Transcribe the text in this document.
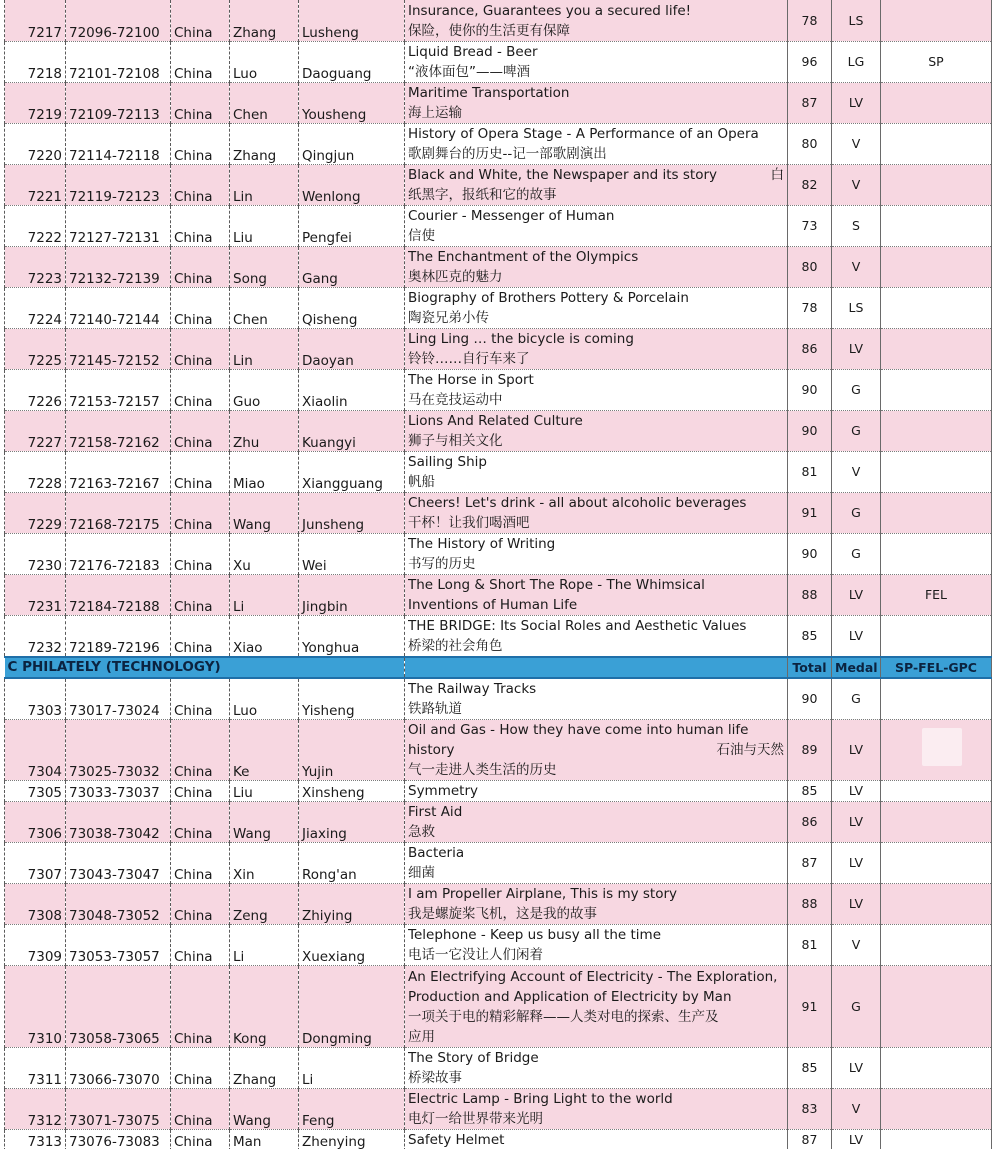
7217	72096-72100	China	Zhang	Lusheng	Insurance, Guarantees you a secured life!
保险，使你的生活更有保障	78	LS	
7218	72101-72108	China	Luo	Daoguang	Liquid Bread - Beer
“液体面包”——啤酒	96	LG	SP
7219	72109-72113	China	Chen	Yousheng	Maritime Transportation
海上运输	87	LV	
7220	72114-72118	China	Zhang	Qingjun	History of Opera Stage - A Performance of an Opera
歌剧舞台的历史--记一部歌剧演出	80	V	
7221	72119-72123	China	Lin	Wenlong	Black and White, the Newspaper and its story 白
纸黑字，报纸和它的故事	82	V	
7222	72127-72131	China	Liu	Pengfei	Courier - Messenger of Human
信使	73	S	
7223	72132-72139	China	Song	Gang	The Enchantment of the Olympics
奥林匹克的魅力	80	V	
7224	72140-72144	China	Chen	Qisheng	Biography of Brothers Pottery & Porcelain
陶瓷兄弟小传	78	LS	
7225	72145-72152	China	Lin	Daoyan	Ling Ling … the bicycle is coming
铃铃……自行车来了	86	LV	
7226	72153-72157	China	Guo	Xiaolin	The Horse in Sport
马在竞技运动中	90	G	
7227	72158-72162	China	Zhu	Kuangyi	Lions And Related Culture
狮子与相关文化	90	G	
7228	72163-72167	China	Miao	Xiangguang	Sailing Ship
帆船	81	V	
7229	72168-72175	China	Wang	Junsheng	Cheers! Let's drink - all about alcoholic beverages
干杯！让我们喝酒吧	91	G	
7230	72176-72183	China	Xu	Wei	The History of Writing
书写的历史	90	G	
7231	72184-72188	China	Li	Jingbin	The Long & Short The Rope - The Whimsical
Inventions of Human Life	88	LV	FEL
7232	72189-72196	China	Xiao	Yonghua	THE BRIDGE: Its Social Roles and Aesthetic Values
桥梁的社会角色	85	LV	
C PHILATELY (TECHNOLOGY)						Total	Medal	SP-FEL-GPC
7303	73017-73024	China	Luo	Yisheng	The Railway Tracks
铁路轨道	90	G	
7304	73025-73032	China	Ke	Yujin	Oil and Gas - How they have come into human life
history 石油与天然
气一走进人类生活的历史	89	LV	
7305	73033-73037	China	Liu	Xinsheng	Symmetry	85	LV	
7306	73038-73042	China	Wang	Jiaxing	First Aid
急救	86	LV	
7307	73043-73047	China	Xin	Rong'an	Bacteria
细菌	87	LV	
7308	73048-73052	China	Zeng	Zhiying	I am Propeller Airplane, This is my story
我是螺旋桨飞机，这是我的故事	88	LV	
7309	73053-73057	China	Li	Xuexiang	Telephone - Keep us busy all the time
电话一它没让人们闲着	81	V	
7310	73058-73065	China	Kong	Dongming	An Electrifying Account of Electricity - The Exploration,
Production and Application of Electricity by Man
一项关于电的精彩解释——人类对电的探索、生产及
应用	91	G	
7311	73066-73070	China	Zhang	Li	The Story of Bridge
桥梁故事	85	LV	
7312	73071-73075	China	Wang	Feng	Electric Lamp - Bring Light to the world
电灯一给世界带来光明	83	V	
7313	73076-73083	China	Man	Zhenying	Safety Helmet	87	LV	
